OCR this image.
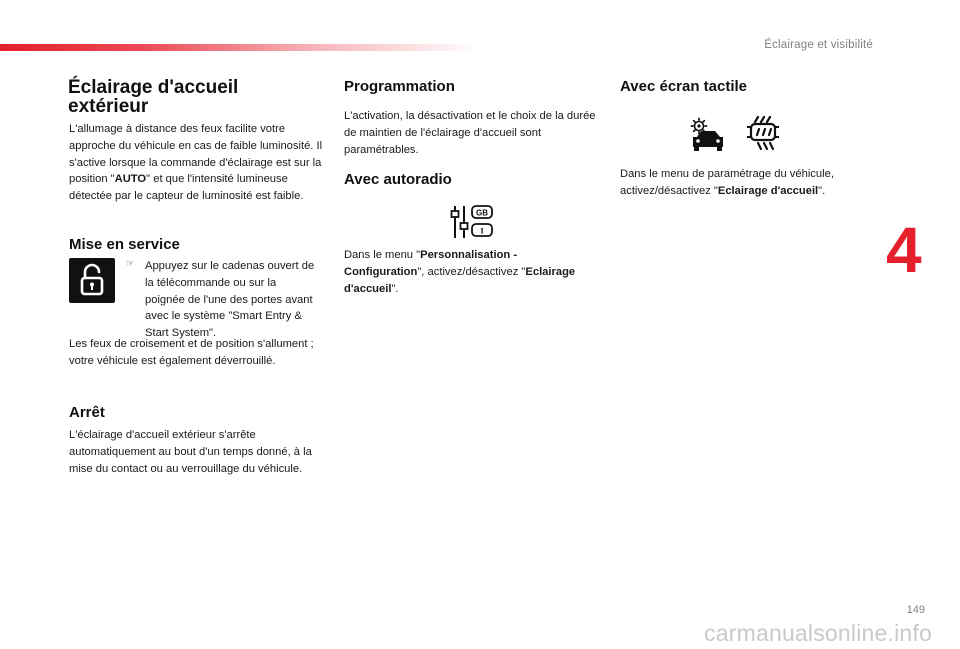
Éclairage et visibilité
4
149
carmanualsonline.info
Éclairage d'accueil extérieur

L'allumage à distance des feux facilite votre approche du véhicule en cas de faible luminosité. Il s'active lorsque la commande d'éclairage est sur la position "AUTO" et que l'intensité lumineuse détectée par le capteur de luminosité est faible.

Mise en service
☞ Appuyez sur le cadenas ouvert de la télécommande ou sur la poignée de l'une des portes avant avec le système "Smart Entry & Start System".

Les feux de croisement et de position s'allument ; votre véhicule est également déverrouillé.

Arrêt

L'éclairage d'accueil extérieur s'arrête automatiquement au bout d'un temps donné, à la mise du contact ou au verrouillage du véhicule.

Programmation

L'activation, la désactivation et le choix de la durée de maintien de l'éclairage d'accueil sont paramétrables.

Avec autoradio
GB
I

Dans le menu "Personnalisation - Configuration", activez/désactivez "Eclairage d'accueil".

Avec écran tactile

Dans le menu de paramétrage du véhicule, activez/désactivez "Eclairage d'accueil".
